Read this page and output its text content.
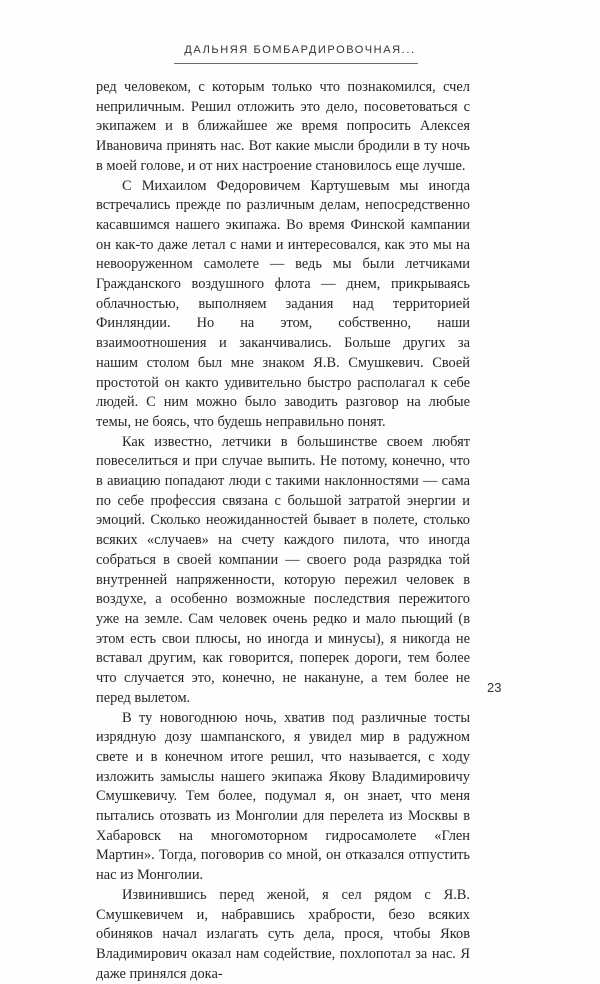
ДАЛЬНЯЯ БОМБАРДИРОВОЧНАЯ...

ред человеком, с которым только что познакомился, счел неприличным. Решил отложить это дело, посоветоваться с экипажем и в ближайшее же время попросить Алексея Ивановича принять нас. Вот какие мысли бродили в ту ночь в моей голове, и от них настроение становилось еще лучше.

С Михаилом Федоровичем Картушевым мы иногда встречались прежде по различным делам, непосредственно касавшимся нашего экипажа. Во время Финской кампании он как-то даже летал с нами и интересовался, как это мы на невооруженном самолете — ведь мы были летчиками Гражданского воздушного флота — днем, прикрываясь облачностью, выполняем задания над территорией Финляндии. Но на этом, собственно, наши взаимоотношения и заканчивались. Больше других за нашим столом был мне знаком Я.В. Смушкевич. Своей простотой он както удивительно быстро располагал к себе людей. С ним можно было заводить разговор на любые темы, не боясь, что будешь неправильно понят.

Как известно, летчики в большинстве своем любят повеселиться и при случае выпить. Не потому, конечно, что в авиацию попадают люди с такими наклонностями — сама по себе профессия связана с большой затратой энергии и эмоций. Сколько неожиданностей бывает в полете, столько всяких «случаев» на счету каждого пилота, что иногда собраться в своей компании — своего рода разрядка той внутренней напряженности, которую пережил человек в воздухе, а особенно возможные последствия пережитого уже на земле. Сам человек очень редко и мало пьющий (в этом есть свои плюсы, но иногда и минусы), я никогда не вставал другим, как говорится, поперек дороги, тем более что случается это, конечно, не накануне, а тем более не перед вылетом.

В ту новогоднюю ночь, хватив под различные тосты изрядную дозу шампанского, я увидел мир в радужном свете и в конечном итоге решил, что называется, с ходу изложить замыслы нашего экипажа Якову Владимировичу Смушкевичу. Тем более, подумал я, он знает, что меня пытались отозвать из Монголии для перелета из Москвы в Хабаровск на многомоторном гидросамолете «Глен Мартин». Тогда, поговорив со мной, он отказался отпустить нас из Монголии.

Извинившись перед женой, я сел рядом с Я.В. Смушкевичем и, набравшись храбрости, безо всяких обиняков начал излагать суть дела, прося, чтобы Яков Владимирович оказал нам содействие, похлопотал за нас. Я даже принялся дока-

23
